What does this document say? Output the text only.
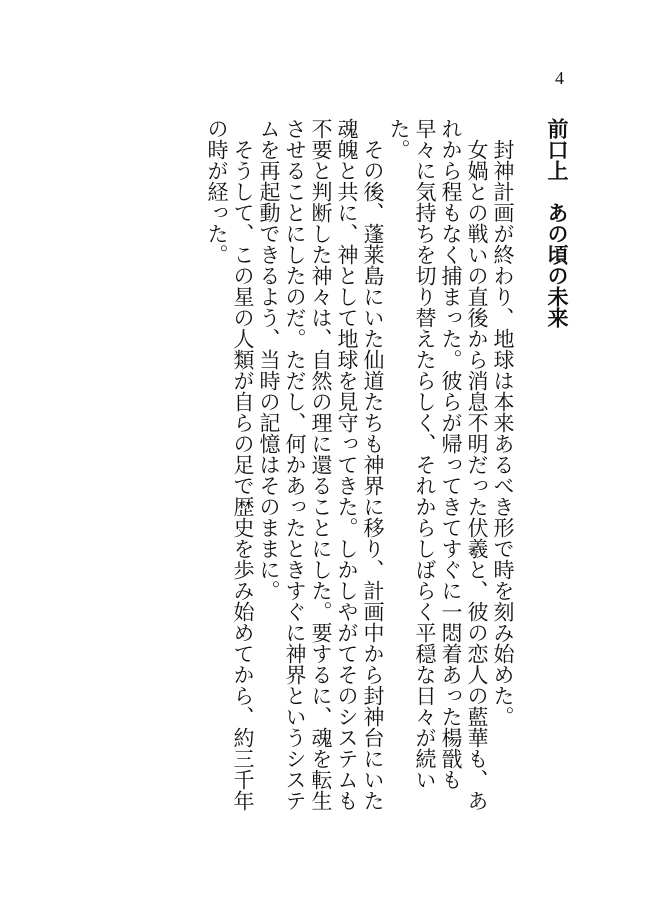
4
前口上　あの頃の未来

封神計画が終わり、地球は本来あるべき形で時を刻み始めた。

女媧との戦いの直後から消息不明だった伏羲と、彼の恋人の藍華も、あれから程もなく捕まった。彼らが帰ってきてすぐに一悶着あった楊戩も早々に気持ちを切り替えたらしく、それからしばらく平穏な日々が続いた。

その後、蓬莱島にいた仙道たちも神界に移り、計画中から封神台にいた魂魄と共に、神として地球を見守ってきた。しかしやがてそのシステムも不要と判断した神々は、自然の理に還ることにした。要するに、魂を転生させることにしたのだ。ただし、何かあったときすぐに神界というシステムを再起動できるよう、当時の記憶はそのままに。

そうして、この星の人類が自らの足で歴史を歩み始めてから、約三千年の時が経った。
